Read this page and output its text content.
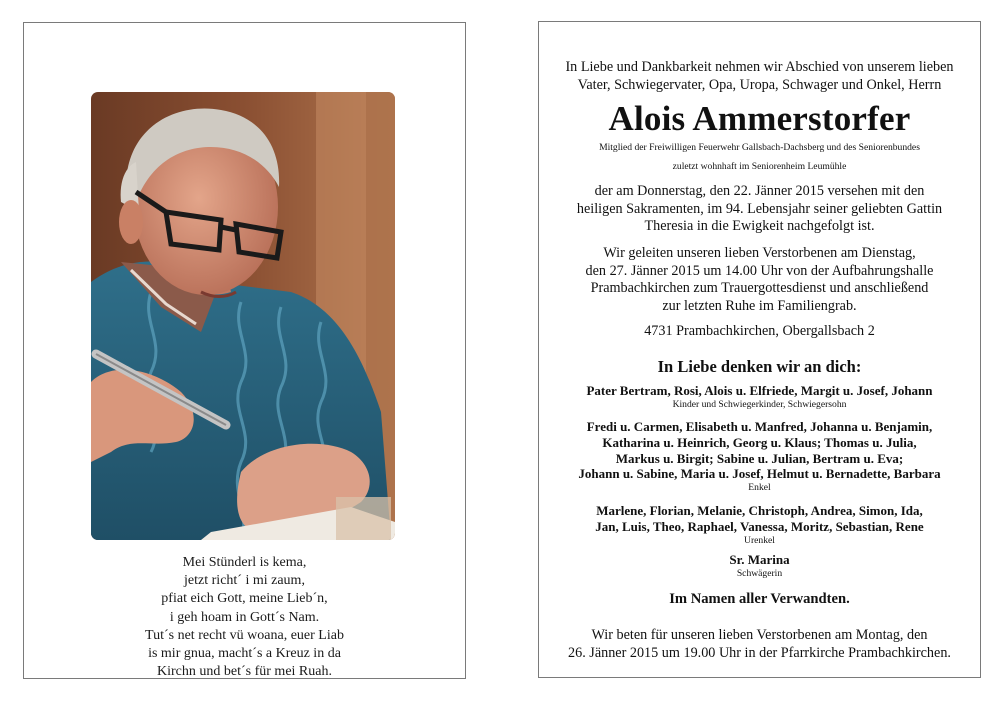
Mei Stünderl is kema,
jetzt richt´ i mi zaum,
pfiat eich Gott, meine Lieb´n,
i geh hoam in Gott´s Nam.
Tut´s net recht vü woana, euer Liab
is mir gnua, macht´s a Kreuz in da
Kirchn und bet´s für mei Ruah.
In Liebe und Dankbarkeit nehmen wir Abschied von unserem lieben
Vater, Schwiegervater, Opa, Uropa, Schwager und Onkel, Herrn
Alois Ammerstorfer
Mitglied der Freiwilligen Feuerwehr Gallsbach-Dachsberg und des Seniorenbundes
zuletzt wohnhaft im Seniorenheim Leumühle
der am Donnerstag, den 22. Jänner 2015 versehen mit den
heiligen Sakramenten, im 94. Lebensjahr seiner geliebten Gattin
Theresia in die Ewigkeit nachgefolgt ist.
Wir geleiten unseren lieben Verstorbenen am Dienstag,
den 27. Jänner 2015 um 14.00 Uhr von der Aufbahrungshalle
Prambachkirchen zum Trauergottesdienst und anschließend
zur letzten Ruhe im Familiengrab.
4731 Prambachkirchen, Obergallsbach 2
In Liebe denken wir an dich:
Pater Bertram, Rosi, Alois u. Elfriede, Margit u. Josef, Johann
Kinder und Schwiegerkinder, Schwiegersohn
Fredi u. Carmen, Elisabeth u. Manfred, Johanna u. Benjamin,
Katharina u. Heinrich, Georg u. Klaus; Thomas u. Julia,
Markus u. Birgit; Sabine u. Julian, Bertram u. Eva;
Johann u. Sabine, Maria u. Josef, Helmut u. Bernadette, Barbara
Enkel
Marlene, Florian, Melanie, Christoph, Andrea, Simon, Ida,
Jan, Luis, Theo, Raphael, Vanessa, Moritz, Sebastian, Rene
Urenkel
Sr. Marina
Schwägerin
Im Namen aller Verwandten.
Wir beten für unseren lieben Verstorbenen am Montag, den
26. Jänner 2015 um 19.00 Uhr in der Pfarrkirche Prambachkirchen.
